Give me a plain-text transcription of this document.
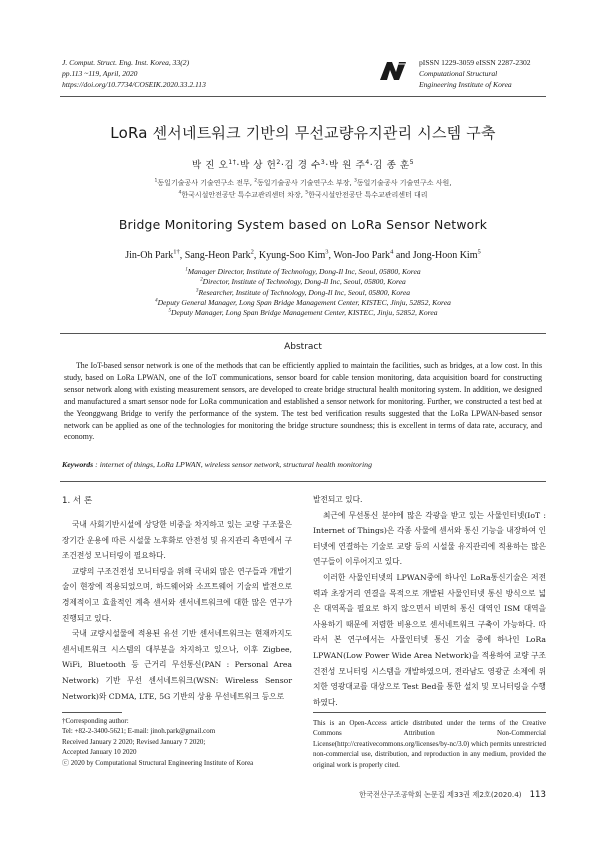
J. Comput. Struct. Eng. Inst. Korea, 33(2)
pp.113 ~119, April, 2020
https://doi.org/10.7734/COSEIK.2020.33.2.113
pISSN 1229-3059 eISSN 2287-2302
Computational Structural
Engineering Institute of Korea
LoRa 센서네트워크 기반의 무선교량유지관리 시스템 구축
박 진 오$^{1\dagger}$·박 상 헌$^2$·김 경 수$^3$·박 원 주$^4$·김 종 훈$^5$
$^1$동일기술공사 기술연구소 전무, $^2$동일기술공사 기술연구소 부장, $^3$동일기술공사 기술연구소 사원,
$^4$한국시설안전공단 특수교관리센터 차장, $^5$한국시설안전공단 특수교관리센터 대리
Bridge Monitoring System based on LoRa Sensor Network
Jin-Oh Park$^{1\dagger}$, Sang-Heon Park$^2$, Kyung-Soo Kim$^3$, Won-Joo Park$^4$ and Jong-Hoon Kim$^5$
$^1$Manager Director, Institute of Technology, Dong-Il Inc, Seoul, 05800, Korea
$^2$Director, Institute of Technology, Dong-Il Inc, Seoul, 05800, Korea
$^3$Researcher, Institute of Technology, Dong-Il Inc, Seoul, 05800, Korea
$^4$Deputy General Manager, Long Span Bridge Management Center, KISTEC, Jinju, 52852, Korea
$^5$Deputy Manager, Long Span Bridge Management Center, KISTEC, Jinju, 52852, Korea
Abstract
The IoT-based sensor network is one of the methods that can be efficiently applied to maintain the facilities, such as bridges, at a low cost. In this study, based on LoRa LPWAN, one of the IoT communications, sensor board for cable tension monitoring, data acquisition board for constructing sensor network along with existing measurement sensors, are developed to create bridge structural health monitoring system. In addition, we designed and manufactured a smart sensor node for LoRa communication and established a sensor network for monitoring. Further, we constructed a test bed at the Yeonggwang Bridge to verify the performance of the system. The test bed verification results suggested that the LoRa LPWAN-based sensor network can be applied as one of the technologies for monitoring the bridge structure soundness; this is excellent in terms of data rate, accuracy, and economy.
Keywords : internet of things, LoRa LPWAN, wireless sensor network, structural health monitoring
1. 서 론

국내 사회기반시설에 상당한 비중을 차지하고 있는 교량 구조물은 장기간 운용에 따른 시설물 노후화로 안전성 및 유지관리 측면에서 구조건전성 모니터링이 필요하다.

교량의 구조건전성 모니터링을 위해 국내외 많은 연구들과 개발기술이 현장에 적용되었으며, 하드웨어와 소프트웨어 기술의 발전으로 경제적이고 효율적인 계측 센서와 센서네트워크에 대한 많은 연구가 진행되고 있다.

국내 교량시설물에 적용된 유선 기반 센서네트워크는 현재까지도 센서네트워크 시스템의 대부분을 차지하고 있으나, 이후 Zigbee, WiFi, Bluetooth 등 근거리 무선통신(PAN : Personal Area Network) 기반 무선 센서네트워크(WSN: Wireless Sensor Network)와 CDMA, LTE, 5G 기반의 상용 무선네트워크 등으로

발전되고 있다.

최근에 무선통신 분야에 많은 각광을 받고 있는 사물인터넷(IoT : Internet of Things)은 각종 사물에 센서와 통신 기능을 내장하여 인터넷에 연결하는 기술로 교량 등의 시설물 유지관리에 적용하는 많은 연구들이 이루어지고 있다.

이러한 사물인터넷의 LPWAN중에 하나인 LoRa통신기술은 저전력과 초장거리 연결을 목적으로 개발된 사물인터넷 통신 방식으로 넓은 대역폭을 필요로 하지 않으면서 비면허 통신 대역인 ISM 대역을 사용하기 때문에 저렴한 비용으로 센서네트워크 구축이 가능하다. 따라서 본 연구에서는 사물인터넷 통신 기술 중에 하나인 LoRa LPWAN(Low Power Wide Area Network)을 적용하여 교량 구조건전성 모니터링 시스템을 개발하였으며, 전라남도 영광군 소제에 위치한 영광대교를 대상으로 Test Bed를 통한 설치 및 모니터링을 수행하였다.

†Corresponding author:
Tel: +82-2-3400-5621; E-mail: jinoh.park@gmail.com
Received January 2 2020; Revised January 7 2020;
Accepted January 10 2020
ⓒ 2020 by Computational Structural Engineering Institute of Korea
This is an Open-Access article distributed under the terms of the Creative Commons Attribution Non-Commercial License(http://creativecommons.org/licenses/by-nc/3.0) which permits unrestricted non-commercial use, distribution, and reproduction in any medium, provided the original work is properly cited.
한국전산구조공학회 논문집 제33권 제2호(2020.4) 113
